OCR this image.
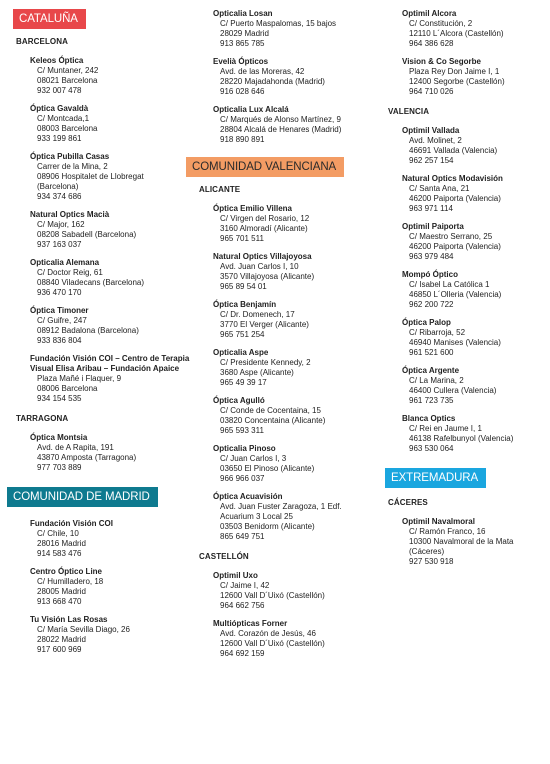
CATALUÑA
BARCELONA
Keleos Óptica
C/ Muntaner, 242
08021 Barcelona
932 007 478
Óptica Gavaldà
C/ Montcada,1
08003 Barcelona
933 199 861
Óptica Pubilla Casas
Carrer de la Mina, 2
08906 Hospitalet de Llobregat
(Barcelona)
934 374 686
Natural Optics Macià
C/ Major, 162
08208 Sabadell (Barcelona)
937 163 037
Opticalia Alemana
C/ Doctor Reig, 61
08840 Viladecans (Barcelona)
936 470 170
Óptica Timoner
C/ Guifre, 247
08912 Badalona (Barcelona)
933 836 804
Fundación Visión COI – Centro de Terapia Visual Elisa Aribau – Fundación Apaice
Plaza Mañé i Flaquer, 9
08006 Barcelona
934 154 535
TARRAGONA
Óptica Montsia
Avd. de A Rapita, 191
43870 Amposta (Tarragona)
977 703 889
COMUNIDAD DE MADRID
Fundación Visión COI
C/ Chile, 10
28016 Madrid
914 583 476
Centro Óptico Line
C/ Humilladero, 18
28005 Madrid
913 668 470
Tu Visión Las Rosas
C/ María Sevilla Diago, 26
28022 Madrid
917 600 969
Opticalia Losan
C/ Puerto Maspalomas, 15 bajos
28029 Madrid
913 865 785
Evelià Ópticos
Avd. de las Moreras, 42
28220 Majadahonda (Madrid)
916 028 646
Opticalia Lux Alcalá
C/ Marqués de Alonso Martínez, 9
28804 Alcalá de Henares (Madrid)
918 890 891
COMUNIDAD VALENCIANA
ALICANTE
Óptica Emilio Villena
C/ Virgen del Rosario, 12
3160 Almoradí (Alicante)
965 701 511
Natural Optics Villajoyosa
Avd. Juan Carlos I, 10
3570 Villajoyosa (Alicante)
965 89 54 01
Óptica Benjamín
C/ Dr. Domenech, 17
3770 El Verger (Alicante)
965 751 254
Opticalia Aspe
C/ Presidente Kennedy, 2
3680 Aspe (Alicante)
965 49 39 17
Óptica Agulló
C/ Conde de Cocentaina, 15
03820 Concentaina (Alicante)
965 593 311
Opticalia Pinoso
C/ Juan Carlos I, 3
03650 El Pinoso (Alicante)
966 966 037
Óptica Acuavisión
Avd. Juan Fuster Zaragoza, 1 Edf.
Acuarium 3 Local 25
03503 Benidorm (Alicante)
865 649 751
CASTELLÓN
Optimil Uxo
C/ Jaime I, 42
12600 Vall D´Uixó (Castellón)
964 662 756
Multiópticas Forner
Avd. Corazón de Jesús, 46
12600 Vall D´Uixó (Castellón)
964 692 159
Optimil Alcora
C/ Constitución, 2
12110 L´Alcora (Castellón)
964 386 628
Vision & Co Segorbe
Plaza Rey Don Jaime I, 1
12400 Segorbe (Castellón)
964 710 026
VALENCIA
Optimil Vallada
Avd. Molinet, 2
46691 Vallada (Valencia)
962 257 154
Natural Optics Modavisión
C/ Santa Ana, 21
46200 Paiporta (Valencia)
963 971 114
Optimil Paiporta
C/ Maestro Serrano, 25
46200 Paiporta (Valencia)
963 979 484
Mompó Óptico
C/ Isabel La Católica 1
46850 L´Olleria (Valencia)
962 200 722
Óptica Palop
C/ Ribarroja, 52
46940 Manises (Valencia)
961 521 600
Óptica Argente
C/ La Marina, 2
46400 Cullera (Valencia)
961 723 735
Blanca Optics
C/ Rei en Jaume I, 1
46138 Rafelbunyol (Valencia)
963 530 064
EXTREMADURA
CÁCERES
Optimil Navalmoral
C/ Ramón Franco, 16
10300 Navalmoral de la Mata
(Cáceres)
927 530 918
